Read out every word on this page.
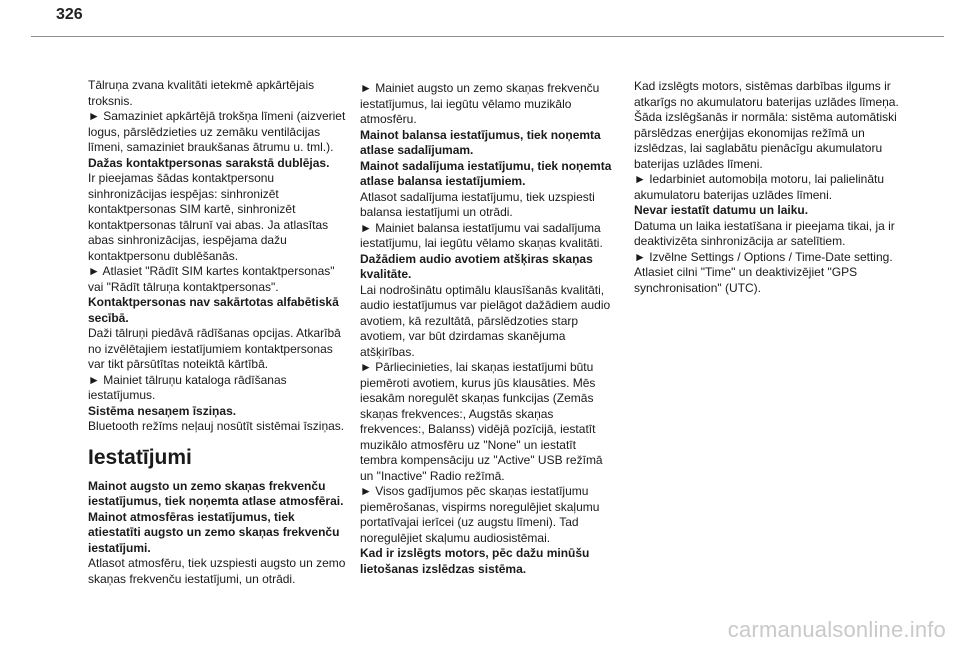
326

Tālruņa zvana kvalitāti ietekmē apkārtējais troksnis.

► Samaziniet apkārtējā trokšņa līmeni (aizveriet logus, pārslēdzieties uz zemāku ventilācijas līmeni, samaziniet braukšanas ātrumu u. tml.).

Dažas kontaktpersonas sarakstā dublējas.

Ir pieejamas šādas kontaktpersonu sinhronizācijas iespējas: sinhronizēt kontaktpersonas SIM kartē, sinhronizēt kontaktpersonas tālrunī vai abas. Ja atlasītas abas sinhronizācijas, iespējama dažu kontaktpersonu dublēšanās.

► Atlasiet "Rādīt SIM kartes kontaktpersonas" vai "Rādīt tālruņa kontaktpersonas".

Kontaktpersonas nav sakārtotas alfabētiskā secībā.

Daži tālruņi piedāvā rādīšanas opcijas. Atkarībā no izvēlētajiem iestatījumiem kontaktpersonas var tikt pārsūtītas noteiktā kārtībā.

► Mainiet tālruņu kataloga rādīšanas iestatījumus.

Sistēma nesaņem īsziņas.

Bluetooth režīms neļauj nosūtīt sistēmai īsziņas.

Iestatījumi

Mainot augsto un zemo skaņas frekvenču iestatījumus, tiek noņemta atlase atmosfērai.

Mainot atmosfēras iestatījumus, tiek atiestatīti augsto un zemo skaņas frekvenču iestatījumi.

Atlasot atmosfēru, tiek uzspiesti augsto un zemo skaņas frekvenču iestatījumi, un otrādi.

► Mainiet augsto un zemo skaņas frekvenču iestatījumus, lai iegūtu vēlamo muzikālo atmosfēru.

Mainot balansa iestatījumus, tiek noņemta atlase sadalījumam.

Mainot sadalījuma iestatījumu, tiek noņemta atlase balansa iestatījumiem.

Atlasot sadalījuma iestatījumu, tiek uzspiesti balansa iestatījumi un otrādi.

► Mainiet balansa iestatījumu vai sadalījuma iestatījumu, lai iegūtu vēlamo skaņas kvalitāti.

Dažādiem audio avotiem atšķiras skaņas kvalitāte.

Lai nodrošinātu optimālu klausīšanās kvalitāti, audio iestatījumus var pielāgot dažādiem audio avotiem, kā rezultātā, pārslēdzoties starp avotiem, var būt dzirdamas skanējuma atšķirības.

► Pārliecinieties, lai skaņas iestatījumi būtu piemēroti avotiem, kurus jūs klausāties. Mēs iesakām noregulēt skaņas funkcijas (Zemās skaņas frekvences:, Augstās skaņas frekvences:, Balanss) vidējā pozīcijā, iestatīt muzikālo atmosfēru uz "None" un iestatīt tembra kompensāciju uz "Active" USB režīmā un "Inactive" Radio režīmā.

► Visos gadījumos pēc skaņas iestatījumu piemērošanas, vispirms noregulējiet skaļumu portatīvajai ierīcei (uz augstu līmeni). Tad noregulējiet skaļumu audiosistēmai.

Kad ir izslēgts motors, pēc dažu minūšu lietošanas izslēdzas sistēma.

Kad izslēgts motors, sistēmas darbības ilgums ir atkarīgs no akumulatoru baterijas uzlādes līmeņa.

Šāda izslēgšanās ir normāla: sistēma automātiski pārslēdzas enerģijas ekonomijas režīmā un izslēdzas, lai saglabātu pienācīgu akumulatoru baterijas uzlādes līmeni.

► Iedarbiniet automobiļa motoru, lai palielinātu akumulatoru baterijas uzlādes līmeni.

Nevar iestatīt datumu un laiku.

Datuma un laika iestatīšana ir pieejama tikai, ja ir deaktivizēta sinhronizācija ar satelītiem.

► Izvēlne Settings / Options / Time-Date setting. Atlasiet cilni "Time" un deaktivizējiet "GPS synchronisation" (UTC).

carmanualsonline.info
